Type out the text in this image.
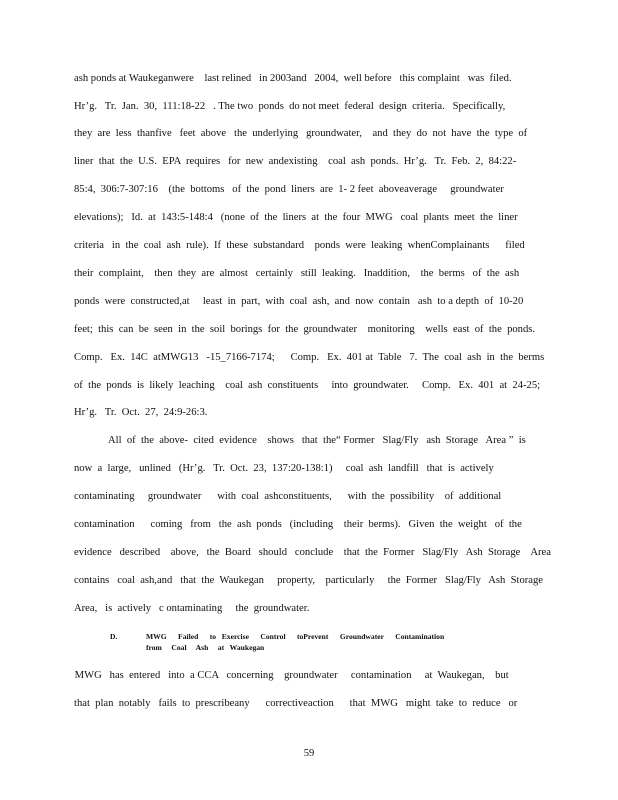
ash ponds at Waukeganwere    last relined   in 2003and   2004,  well before   this complaint   was  filed.
Hr’g.   Tr.  Jan.  30,  111:18-22   . The two  ponds  do not meet  federal  design  criteria.   Specifically,
they  are  less  thanfive   feet  above   the  underlying   groundwater,    and  they  do  not  have  the  type  of
liner  that  the  U.S.  EPA  requires   for  new  andexisting    coal  ash  ponds.  Hr’g.   Tr.  Feb.  2,  84:22-
85:4,  306:7-307:16    (the  bottoms   of  the  pond  liners  are  1- 2 feet  aboveaverage     groundwater
elevations);   Id.  at  143:5-148:4   (none  of  the  liners  at  the  four  MWG   coal  plants  meet  the  liner
criteria   in  the  coal  ash  rule).  If  these  substandard    ponds  were  leaking  whenComplainants      filed
their  complaint,    then  they  are  almost   certainly   still  leaking.   Inaddition,    the  berms   of  the  ash
ponds  were  constructed,at     least  in  part,  with  coal  ash,  and  now  contain   ash  to a depth  of  10-20
feet;  this  can  be  seen  in  the  soil  borings  for  the  groundwater    monitoring    wells  east  of  the  ponds.
Comp.   Ex.  14C  atMWG13   -15_7166-7174;      Comp.   Ex.  401 at  Table   7.  The  coal  ash  in  the  berms
of  the  ponds  is  likely  leaching    coal  ash  constituents     into  groundwater.     Comp.   Ex.  401  at  24-25;
Hr’g.   Tr.  Oct.  27,  24:9-26:3.
All  of  the  above-  cited  evidence    shows   that  the“ Former   Slag/Fly   ash  Storage   Area ”  is
now  a  large,   unlined   (Hr’g.   Tr.  Oct.  23,  137:20-138:1)     coal  ash  landfill   that  is  actively
contaminating     groundwater      with  coal  ashconstituents,      with  the  possibility    of  additional
contamination      coming   from   the  ash  ponds   (including    their  berms).   Given  the  weight   of  the
evidence   described    above,   the  Board   should   conclude    that  the  Former   Slag/Fly   Ash  Storage    Area
contains   coal  ash,and   that  the  Waukegan     property,    particularly     the  Former   Slag/Fly   Ash  Storage
Area,   is  actively   c ontaminating     the  groundwater.
D.	MWG      Failed      to   Exercise      Control      toPrevent      Groundwater      Contamination
from     Coal     Ash     at   Waukegan
MWG   has  entered   into  a CCA   concerning    groundwater     contamination     at  Waukegan,    but
that  plan  notably   fails  to  prescribeany      correctiveaction      that  MWG   might  take  to  reduce   or
59
